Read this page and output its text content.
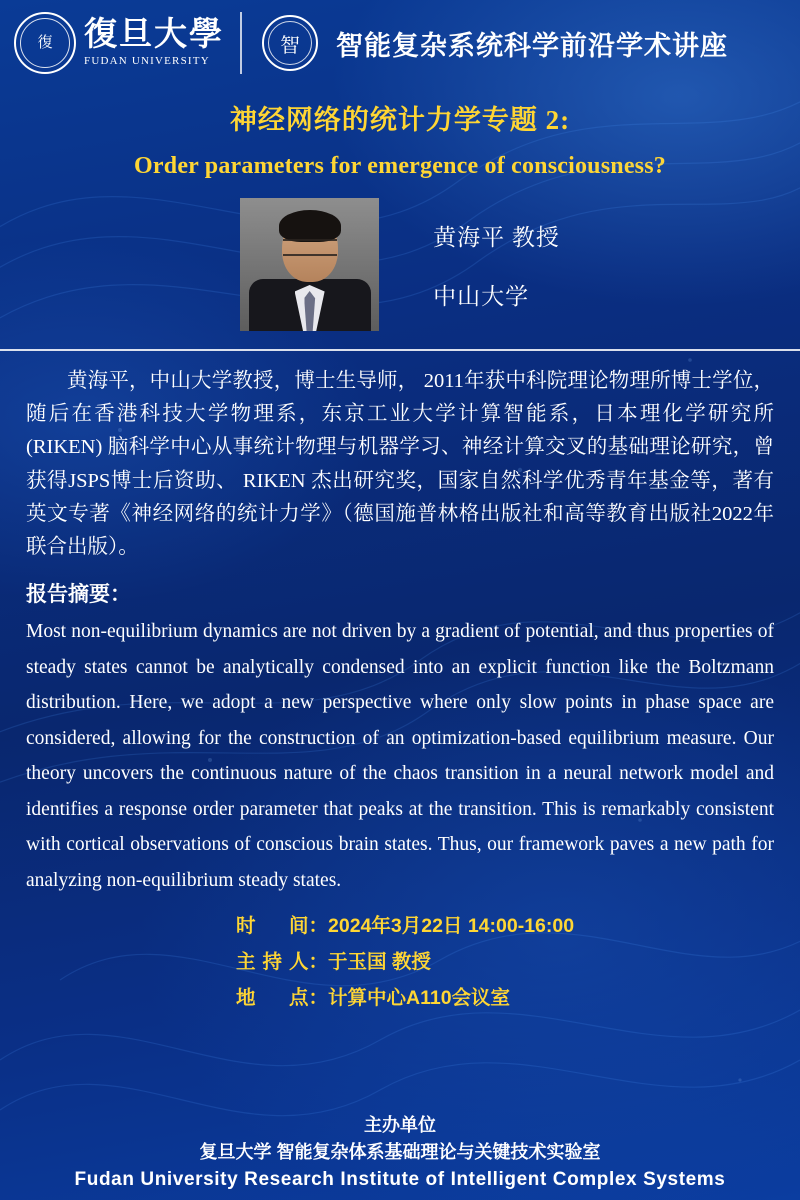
復 復旦大學
FUDAN UNIVERSITY
智 智能复杂系统科学前沿学术讲座
神经网络的统计力学专题 2:
Order parameters for emergence of consciousness?
黄海平 教授
中山大学
黄海平，中山大学教授，博士生导师， 2011年获中科院理论物理所博士学位， 随后在香港科技大学物理系，东京工业大学计算智能系，日本理化学研究所(RIKEN) 脑科学中心从事统计物理与机器学习、神经计算交叉的基础理论研究，曾获得JSPS博士后资助、 RIKEN 杰出研究奖，国家自然科学优秀青年基金等，著有英文专著《神经网络的统计力学》（德国施普林格出版社和高等教育出版社2022年联合出版）。
报告摘要：
Most non-equilibrium dynamics are not driven by a gradient of potential, and thus properties of steady states cannot be analytically condensed into an explicit function like the Boltzmann distribution. Here, we adopt a new perspective where only slow points in phase space are considered, allowing for the construction of an optimization-based equilibrium measure. Our theory uncovers the continuous nature of the chaos transition in a neural network model and identifies a response order parameter that peaks at the transition. This is remarkably consistent with cortical observations of conscious brain states. Thus, our framework paves a new path for analyzing non-equilibrium steady states.
时 间： 2024年3月22日 14:00-16:00
主 持 人： 于玉国 教授
地 点： 计算中心A110会议室
主办单位
复旦大学 智能复杂体系基础理论与关键技术实验室
Fudan University Research Institute of Intelligent Complex Systems
